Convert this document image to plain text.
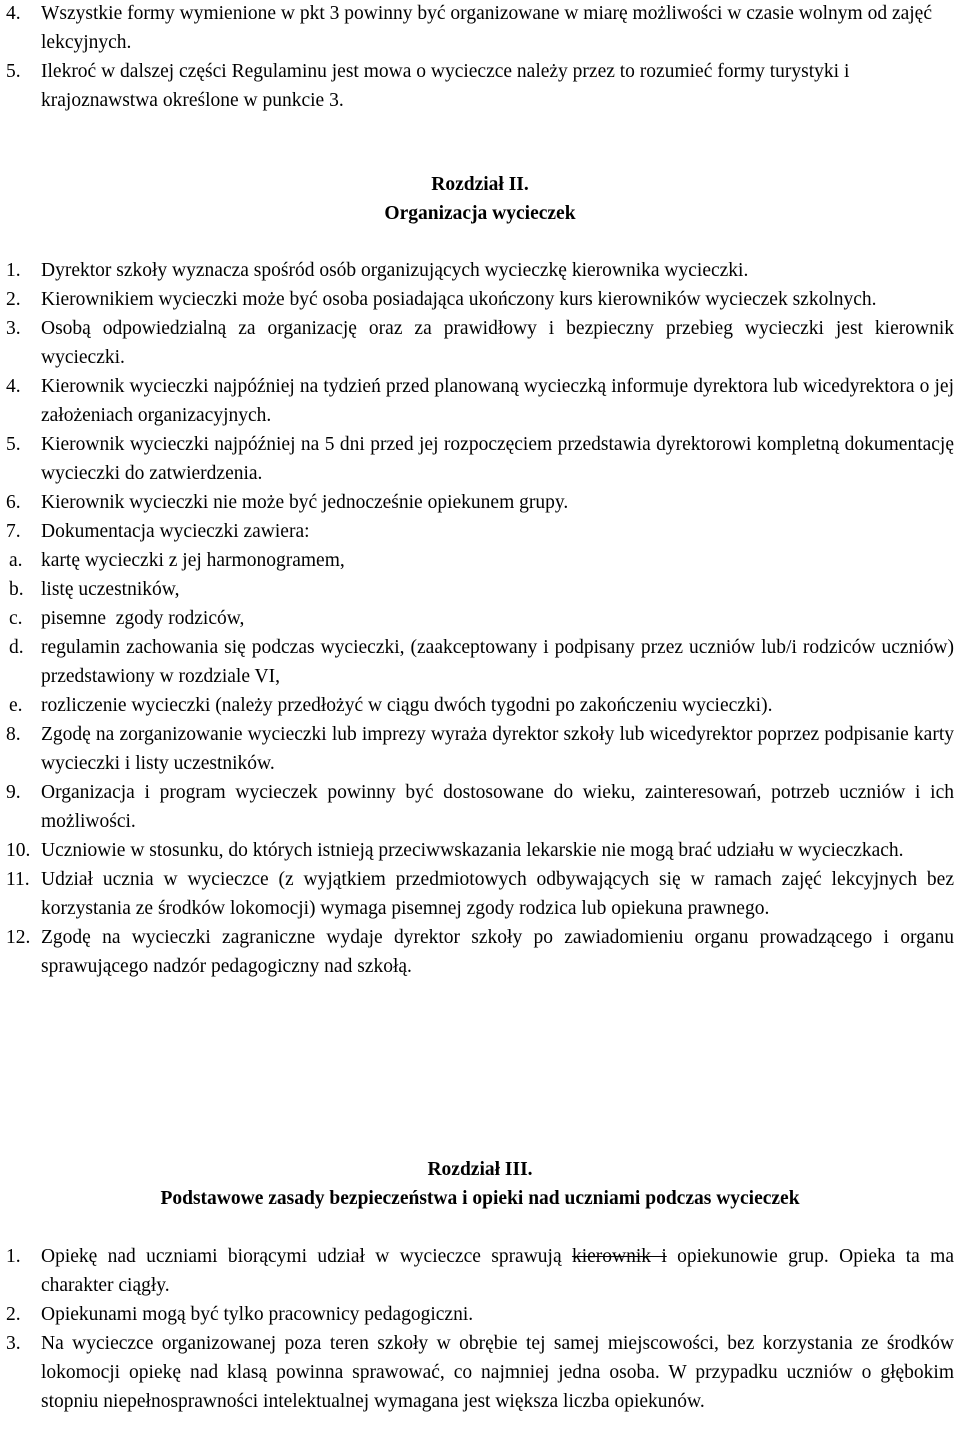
4. Wszystkie formy wymienione w pkt 3 powinny być organizowane w miarę możliwości w czasie wolnym od zajęć lekcyjnych.
5. Ilekroć w dalszej części Regulaminu jest mowa o wycieczce należy przez to rozumieć formy turystyki i krajoznawstwa określone w punkcie 3.
Rozdział II.
Organizacja wycieczek
1. Dyrektor szkoły wyznacza spośród osób organizujących wycieczkę kierownika wycieczki.
2. Kierownikiem wycieczki może być osoba posiadająca ukończony kurs kierowników wycieczek szkolnych.
3. Osobą odpowiedzialną za organizację oraz za prawidłowy i bezpieczny przebieg wycieczki jest kierownik wycieczki.
4. Kierownik wycieczki najpóźniej na tydzień przed planowaną wycieczką informuje dyrektora lub wicedyrektora o jej założeniach organizacyjnych.
5. Kierownik wycieczki najpóźniej na 5 dni przed jej rozpoczęciem przedstawia dyrektorowi kompletną dokumentację wycieczki do zatwierdzenia.
6. Kierownik wycieczki nie może być jednocześnie opiekunem grupy.
7. Dokumentacja wycieczki zawiera:
a. kartę wycieczki z jej harmonogramem,
b. listę uczestników,
c. pisemne  zgody rodziców,
d. regulamin zachowania się podczas wycieczki, (zaakceptowany i podpisany przez uczniów lub/i rodziców uczniów) przedstawiony w rozdziale VI,
e. rozliczenie wycieczki (należy przedłożyć w ciągu dwóch tygodni po zakończeniu wycieczki).
8. Zgodę na zorganizowanie wycieczki lub imprezy wyraża dyrektor szkoły lub wicedyrektor poprzez podpisanie karty wycieczki i listy uczestników.
9. Organizacja i program wycieczek powinny być dostosowane do wieku, zainteresowań, potrzeb uczniów i ich możliwości.
10. Uczniowie w stosunku, do których istnieją przeciwwskazania lekarskie nie mogą brać udziału w wycieczkach.
11. Udział ucznia w wycieczce (z wyjątkiem przedmiotowych odbywających się w ramach zajęć lekcyjnych bez korzystania ze środków lokomocji) wymaga pisemnej zgody rodzica lub opiekuna prawnego.
12. Zgodę na wycieczki zagraniczne wydaje dyrektor szkoły po zawiadomieniu organu prowadzącego i organu sprawującego nadzór pedagogiczny nad szkołą.
Rozdział III.
Podstawowe zasady bezpieczeństwa i opieki nad uczniami podczas wycieczek
1. Opiekę nad uczniami biorącymi udział w wycieczce sprawują kierownik i opiekunowie grup. Opieka ta ma charakter ciągły.
2. Opiekunami mogą być tylko pracownicy pedagogiczni.
3. Na wycieczce organizowanej poza teren szkoły w obrębie tej samej miejscowości, bez korzystania ze środków lokomocji opiekę nad klasą powinna sprawować, co najmniej jedna osoba. W przypadku uczniów o głębokim stopniu niepełnosprawności intelektualnej wymagana jest większa liczba opiekunów.
